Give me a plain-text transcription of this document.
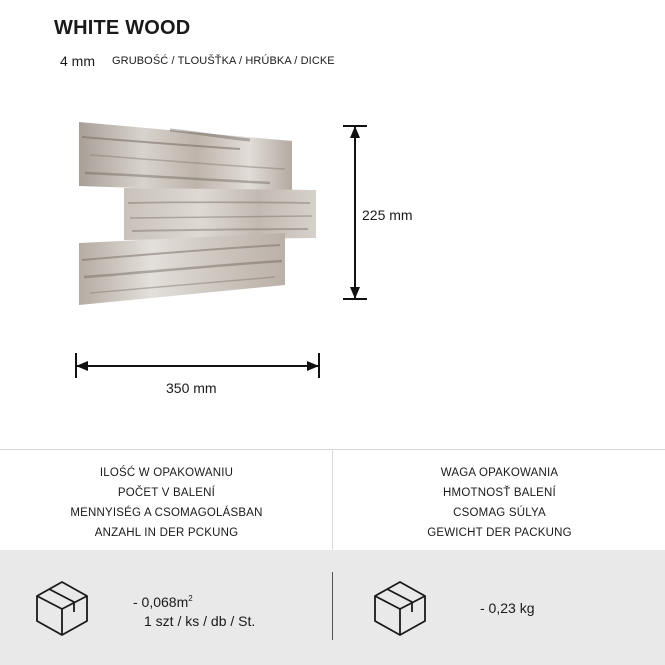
WHITE WOOD
4 mm GRUBOŚĆ / TLOUŠŤKA / HRÚBKA / DICKE
225 mm
350 mm
ILOŚĆ W OPAKOWANIU
POČET V BALENÍ
MENNYISÉG A CSOMAGOLÁSBAN
ANZAHL IN DER PCKUNG
WAGA OPAKOWANIA
HMOTNOSŤ BALENÍ
CSOMAG SÚLYA
GEWICHT DER PACKUNG
- $0,068m^2$
1 szt / ks / db / St.
- 0,23 kg
